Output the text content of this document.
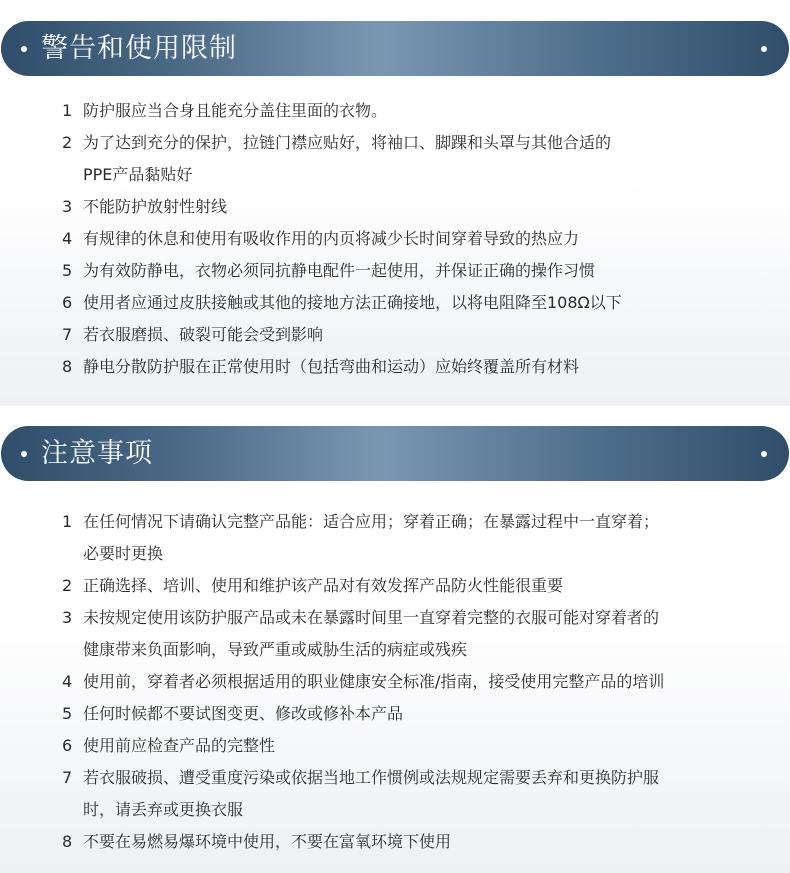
警告和使用限制
1 防护服应当合身且能充分盖住里面的衣物。
2 为了达到充分的保护，拉链门襟应贴好，将袖口、脚踝和头罩与其他合适的
PPE产品黏贴好
3 不能防护放射性射线
4 有规律的休息和使用有吸收作用的内页将减少长时间穿着导致的热应力
5 为有效防静电，衣物必须同抗静电配件一起使用，并保证正确的操作习惯
6 使用者应通过皮肤接触或其他的接地方法正确接地，以将电阻降至108Ω以下
7 若衣服磨损、破裂可能会受到影响
8 静电分散防护服在正常使用时（包括弯曲和运动）应始终覆盖所有材料
注意事项
1 在任何情况下请确认完整产品能：适合应用；穿着正确；在暴露过程中一直穿着；
必要时更换
2 正确选择、培训、使用和维护该产品对有效发挥产品防火性能很重要
3 未按规定使用该防护服产品或未在暴露时间里一直穿着完整的衣服可能对穿着者的
健康带来负面影响，导致严重或威胁生活的病症或残疾
4 使用前，穿着者必须根据适用的职业健康安全标准/指南，接受使用完整产品的培训
5 任何时候都不要试图变更、修改或修补本产品
6 使用前应检查产品的完整性
7 若衣服破损、遭受重度污染或依据当地工作惯例或法规规定需要丢弃和更换防护服
时，请丢弃或更换衣服
8 不要在易燃易爆环境中使用，不要在富氧环境下使用
